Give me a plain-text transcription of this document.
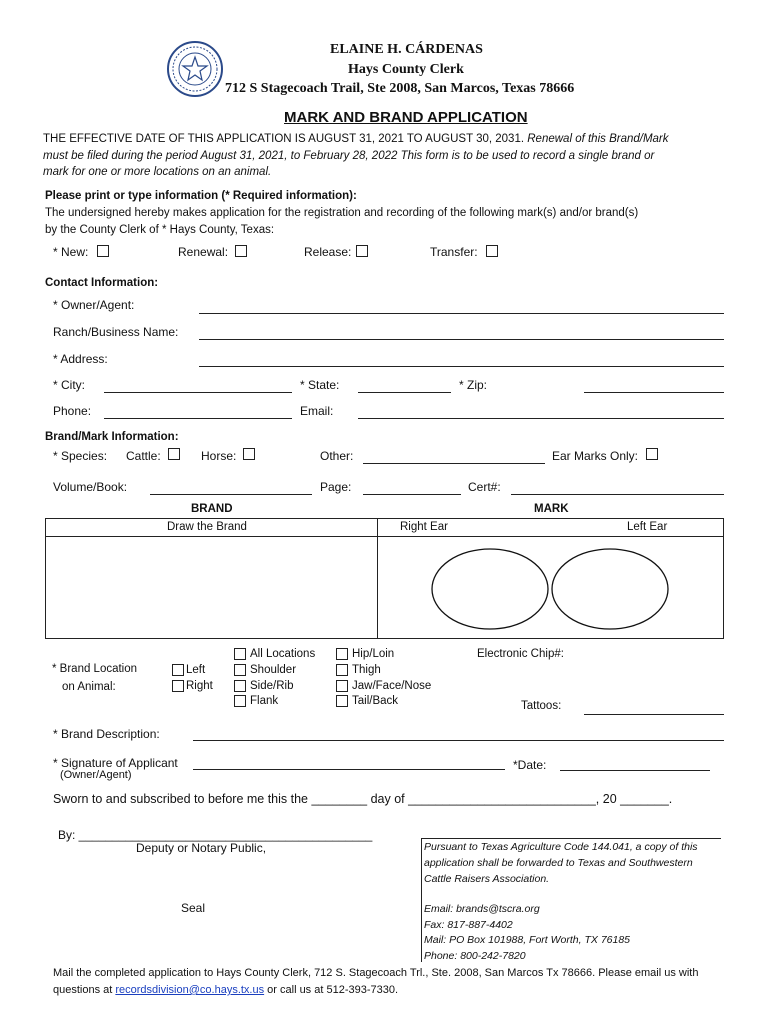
ELAINE H. CÁRDENAS
Hays County Clerk
712 S Stagecoach Trail, Ste 2008, San Marcos, Texas 78666
MARK AND BRAND APPLICATION
THE EFFECTIVE DATE OF THIS APPLICATION IS AUGUST 31, 2021 TO AUGUST 30, 2031. Renewal of this Brand/Mark
must be filed during the period August 31, 2021, to February 28, 2022 This form is to be used to record a single brand or
mark for one or more locations on an animal.
Please print or type information (* Required information):
The undersigned hereby makes application for the registration and recording of the following mark(s) and/or brand(s)
by the County Clerk of * Hays County, Texas:
* New:	Renewal:	Release:	Transfer:
Contact Information:
* Owner/Agent:
Ranch/Business Name:
* Address:
* City:	* State:	* Zip:
Phone:	Email:
Brand/Mark Information:
* Species: Cattle:	Horse:	Other:	Ear Marks Only:
Volume/Book:	Page:	Cert#:
BRAND	MARK
Draw the Brand	Right Ear	Left Ear
* Brand Location
on Animal:
Left
Right
All Locations
Shoulder
Side/Rib
Flank
Hip/Loin
Thigh
Jaw/Face/Nose
Tail/Back
Electronic Chip#:
Tattoos:
* Brand Description:
* Signature of Applicant
(Owner/Agent)
*Date:
Sworn to and subscribed to before me this the ________ day of ___________________________, 20 _______.
By: ____________________________________________
Deputy or Notary Public,
Seal
Pursuant to Texas Agriculture Code 144.041, a copy of this
application shall be forwarded to Texas and Southwestern
Cattle Raisers Association.
Email: brands@tscra.org
Fax: 817-887-4402
Mail: PO Box 101988, Fort Worth, TX 76185
Phone: 800-242-7820
Mail the completed application to Hays County Clerk, 712 S. Stagecoach Trl., Ste. 2008, San Marcos Tx 78666. Please email us with
questions at recordsdivision@co.hays.tx.us or call us at 512-393-7330.
